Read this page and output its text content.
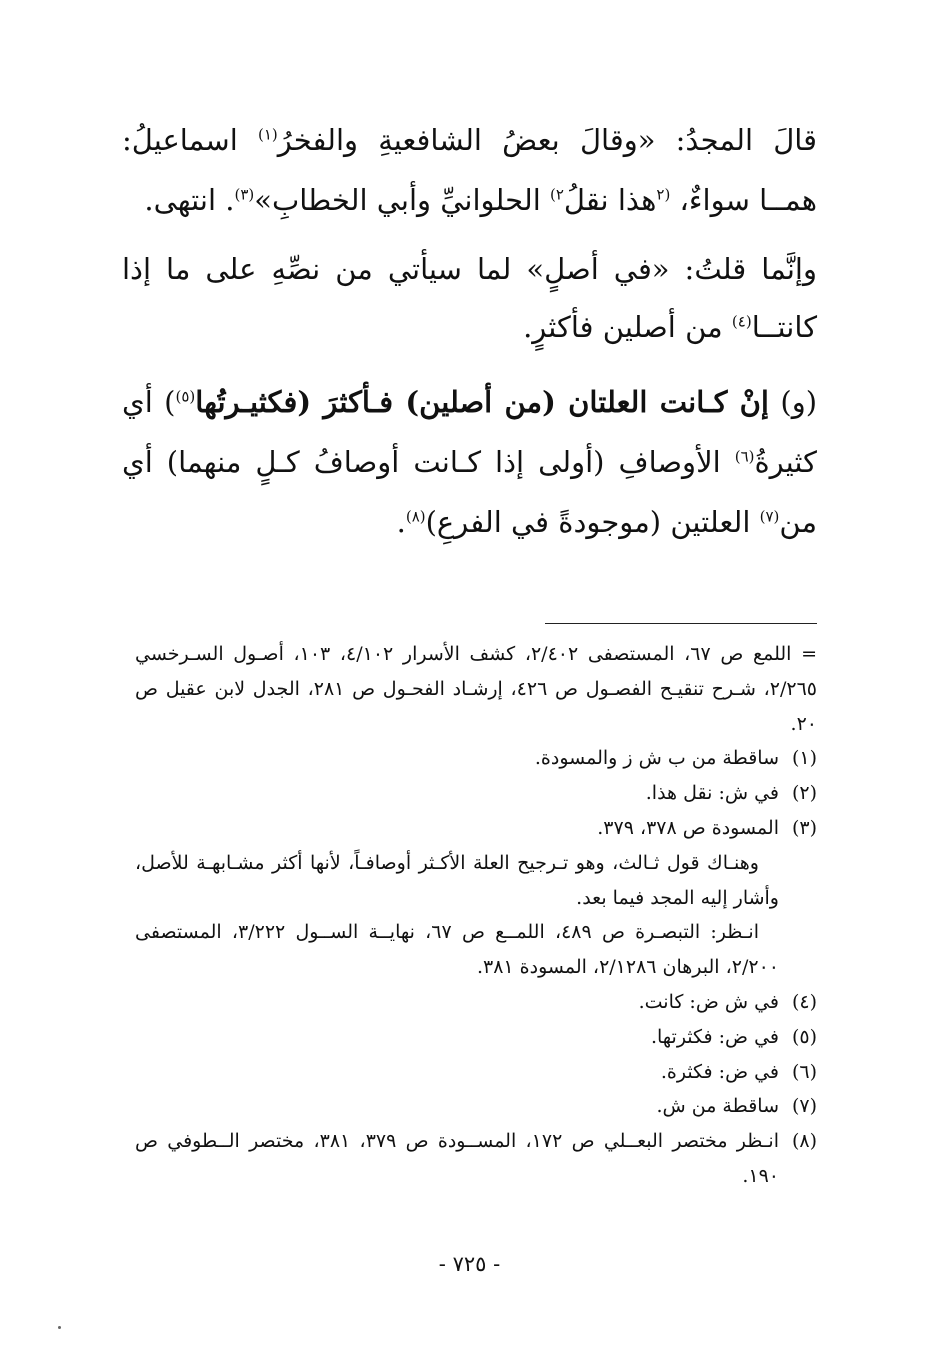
قالَ المجدُ: «وقالَ بعضُ الشافعيةِ والفخرُ$^{(١)}$ اسماعيلُ: همــا سواءٌ، $^{(٢}$هذا نقلُ$^{٢)}$ الحلوانيِّ وأبي الخطابِ»$^{(٣)}$. انتهى.

وإنَّما قلتُ: «في أصلٍ» لما سيأتي من نصِّهِ على ما إذا كانتــا$^{(٤)}$ من أصلين فأكثرٍ.

(و) إنْ كـانت العلتان (من أصلين) فـأكثرَ (فكثيـرتُها$^{(٥)}$) أي كثيرةُ$^{(٦)}$ الأوصافِ (أولى إذا كـانت أوصافُ كـلٍ منهما) أي من$^{(٧)}$ العلتين (موجودةً في الفرعِ)$^{(٨)}$.

= اللمع ص ٦٧، المستصفى ٢/٤٠٢، كشف الأسرار ٤/١٠٢، ١٠٣، أصـول السـرخسي ٢/٢٦٥، شـرح تنقيـح الفصـول ص ٤٢٦، إرشـاد الفحـول ص ٢٨١، الجدل لابن عقيل ص ٢٠.
(١)
ساقطة من ب ش ز والمسودة.
(٢)
في ش: نقل هذا.
(٣)
المسودة ص ٣٧٨، ٣٧٩.
وهنـاك قول ثـالث، وهو تـرجيح العلة الأكـثر أوصافـاً، لأنها أكثر مشـابهـة للأصل، وأشار إليه المجد فيما بعد.
انـظر: التبصـرة ص ٤٨٩، اللمــع ص ٦٧، نهايــة الســول ٣/٢٢٢، المستصفى ٢/٢٠٠، البرهان ٢/١٢٨٦، المسودة ٣٨١.
(٤)
في ش ض: كانت.
(٥)
في ض: فكثرتها.
(٦)
في ض: فكثرة.
(٧)
ساقطة من ش.
(٨)
انـظر مختصر البعــلي ص ١٧٢، المســودة ص ٣٧٩، ٣٨١، مختصر الــطوفي ص ١٩٠.
- ٧٢٥ -
